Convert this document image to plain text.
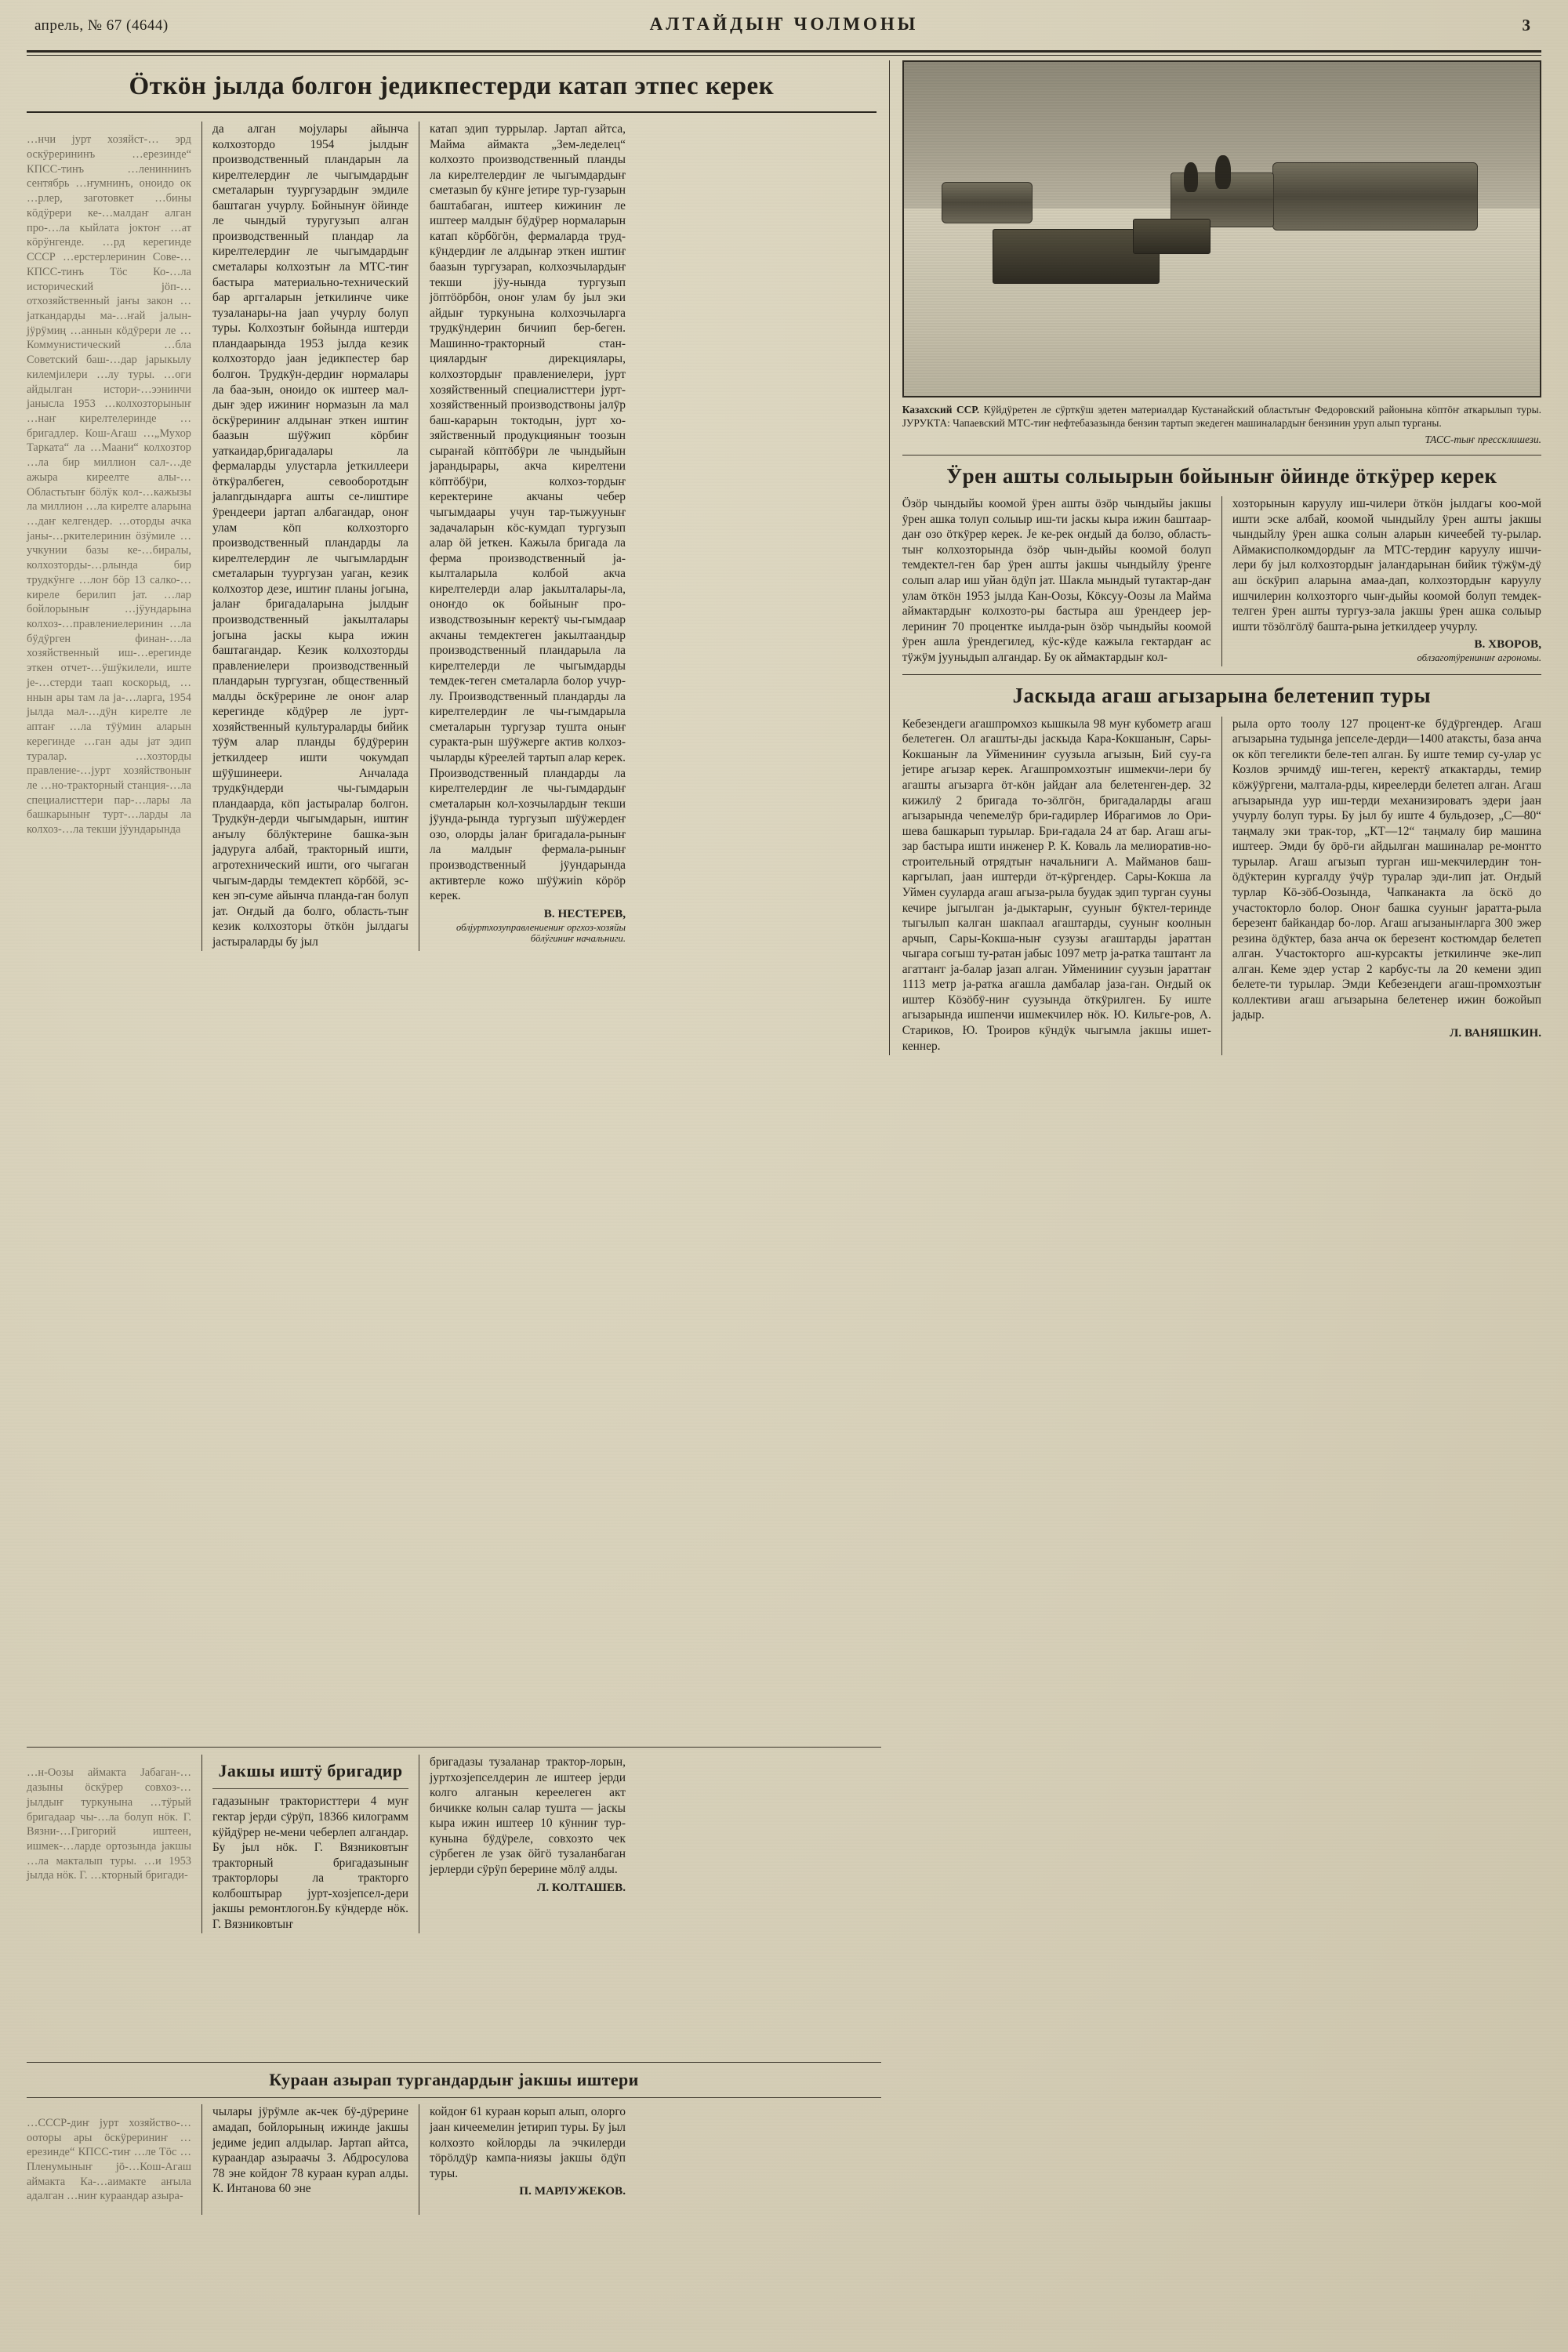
апрель, № 67 (4644)	АЛТАЙДЫҤ ЧОЛМОНЫ	3
Öткöн јылда болгон једикпестерди катап этпес керек

…нчи јурт хозяйст-… эрд оскÿрерининъ …ерезинде“ КПСС-тинъ …лениннинъ сентябрь …ҥумнинъ, оноидо ок …рлер, заготовкет …бины кöдÿрери ке-…малдаҥ алган про-…ла кыйлата јоктоҥ …ат кöрÿнгенде. …рд керегинде СССР …ерстерлеринин Сове-…КПСС-тинъ Тöс Ко-…ла исторический јöп-…отхозяйственный јаҥы закон …јаткандарды ма-…ҥай јалын-јÿрÿмиң …аннын кöдÿрери ле …Коммунистический …бла Советский баш-…дар јарыкылу килемјилери …лу туры. …оги айдылган истори-…ээнинчи јаныслa 1953 …колхозторыныҥ …наҥ кирелтелеринде …бригадлер. Кош-Агаш …„Мухор Тарката“ ла …Маани“ колхозтор …ла бир миллион сал-…де ажыра киреелте алы-…Областьтыҥ бöлÿк кол-…кажызы ла миллион …ла кирелте аларына …даҥ келгендер. …оторды ачка јаны-…ркителеринин öзÿмиле …учкунии базы ке-…биралы, колхозторды-…рлында бир трудкÿнге …лоҥ бöр 13 салко-…киреле берилип јат. …лар бойлорыныҥ …јÿундарына колхоз-…правлениелеринин …ла бÿдÿрген финан-…ла хозяйственный иш-…ерегинде эткен отчет-…ÿшÿкилели, иште је-…стерди таап коскорыд, …ннын ары там ла ја-…ларга, 1954 јылда мал-…дÿн кирелте ле аптаҥ …ла тÿÿмин аларын керегинде …ган ады јат эдип туралар. …хозторды правление-…јурт хозяйствоныҥ ле …но-тракторный станция-…ла специалисттери пар-…лары ла башкарыныҥ турт-…ларды ла колхоз-…ла текши јÿундарында

да алган мојулары айынча колхозтордо 1954 јылдыҥ производственный пландарын ла кирелтелердиҥ ле чыгымдардыҥ сметаларын туургузардыҥ эмдиле баштаган учурлу. Бойнынyҥ öйинде ле чындый туругузып алган производственный пландар ла кирелтелердиҥ ле чыгымдардыҥ сметалары колхозтыҥ ла МТС-тиҥ бастыра материально-технический бар арггаларын јеткилинче чике тузаланары-на јааn учурлу болуп туры. Колхозтыҥ бойында иштерди пландаарында 1953 јылда кезик колхозтордо јаан једикпестер бар болгон. Трудкÿн-дердиҥ нормалары ла баа-зын, оноидо ок иштеер мал-дыҥ эдер ижиниҥ нормазын ла мал öскÿрериниҥ алдынаҥ эткен иштиҥ баазын шÿÿжип кöрбиҥ уаткаидар,бригадалары ла фермаларды улустарла јеткиллеери öткÿралбеген, севооборотдыҥ јалаnгдындарга ашты се-лиштире ÿрендеери јартап албагандар, оноҥ улам кöп колхозторго производственный пландарды ла кирелтелердиҥ ле чыгымлардыҥ сметаларын туургузан уаган, кезик колхозтор дезе, иштиҥ планы јогына, јалаҥ бригадаларына јылдыҥ производственный јакылталары јогына јаскы кыра ижин баштагандар. Кезик колхозторды правлениелери производственный пландарын тургузган, общественный малды öскÿрерине ле оноҥ алар керегинде кöдÿрер ле јурт-хозяйственный культураларды бийик тÿÿм алар планды бÿдÿрерин јеткилдеер ишти чокумдап шÿÿшинеери. Анчалада трудкÿндерди чы-гымдарын пландаарда, кöп јастыралар болгон. Трудкÿн-дерди чыгымдарын, иштиҥ аҥылу бöлÿктерине башка-зын јадуруга албай, тракторный ишти, агротехнический ишти, ого чыгаган чыгым-дарды темдектеп кöрбöй, эс-кен эп-суме айынча планда-ган болуп јат. Оҥдый да болго, область-тыҥ кезик колхозторы öткöн јылдагы јастыраларды бу јыл

катап эдип туррылар. Јартап айтса, Майма аймакта „Зем-леделец“ колхозто производственный планды ла кирелтелердиҥ ле чыгымдардыҥ сметазыn бу кÿнге јетире тур-гузарын баштабаган, иштеер кижиниҥ ле иштеер малдыҥ бÿдÿрер нормаларын катап кöрбöгöн, фермаларда труд-кÿндердиҥ ле алдыҥар эткен иштиҥ баазын тургузараn, колхозчылардыҥ текши јÿу-нында тургузып јöптööрбöн, оноҥ улам бу јыл эки айдыҥ туркунына колхозчыларга трудкÿндерин бичиип бер-беген. Машинно-тракторный стан-циялардыҥ дирекциялары, колхозтордыҥ правлениелери, јурт хозяйственный специалисттери јурт-хозяйственный производствоны јалӯр баш-карарын токтодын, јурт хо-зяйственный продукцияныҥ тоозын сыраҥай кöптöбÿри ле чындыйын јарандырары, акча кирелтени кöптöбÿри, колхоз-тордыҥ керектерине акчаны чебер чыгымдаары учун тар-тыжууныҥ задачаларын кöс-кумдап тургузып алар öй јеткен. Кажыла бригада ла ферма производственный ја-кылталарыла колбой акча кирелтелерди алар јакылталары-ла, оноҥдо ок бойыныҥ про-изводствозыныҥ керектÿ чы-гымдаар акчаны темдектеген јакылтаандыр производственный пландарыла ла кирелтелерди ле чыгымдарды темдек-теген сметаларла болор учур-лу. Производственный пландарды ла кирелтелердиҥ ле чы-гымдарыла сметаларын тургузар тушта оныҥ суракта-рын шÿÿжерге актив колхоз-чыларды кÿреелей тартып алар керек. Производственный пландарды ла кирелтелердиҥ ле чы-гымдардыҥ сметаларын кол-хозчылардыҥ текши јÿунда-рында тургузып шÿÿжердеҥ озо, олорды јалаҥ бригадала-рыныҥ ла малдыҥ фермала-рыныҥ производственный јÿундарында активтерле кожо шÿÿжиin кöрöр керек.

В. НЕСТЕРЕВ,
облјуртхозуправлениениҥ оргхоз-хозяйы бöлÿгиниҥ начальниги.
Казахский ССР. Кÿйдÿретен ле сÿрткÿш эдетен материалдар Кустанайский областьтыҥ Федоровский районына кöптöҥ аткарылып туры. ЈУРУКТА: Чапаевский МТС-тиҥ нефтебазазында бензин тартып экедеген машиналардыҥ бензинин уруп алып турганы.
ТАСС-тыҥ пресcклишези.
Ӱрен ашты солыырын бойыныҥ öйинде öткÿрер керек

Öзöр чындыйы коомой ÿрен ашты öзöр чындыйы јакшы ÿрен ашка толуп солыыр иш-ти јаскы кыра ижин баштаар-даҥ озо öткÿрер керек. Је ке-рек оҥдый да болзо, область-тыҥ колхозторында öзöр чын-дыйы коомой болуп темдектел-ген бар ÿрен ашты јакшы чындыйлу ÿренге солып алар иш уйан öдÿп јат. Шакла мындый тутактар-даҥ улам öткöн 1953 јылда Кан-Оозы, Кöксуу-Оозы ла Майма аймактардыҥ колхозто-ры бастыра аш ÿрендеер јер-лериниҥ 70 проценткe иылда-рын öзöр чындыйы коомой ÿрен ашла ÿрендегилед, кÿс-кÿде кажыла гектардаҥ ас тÿжÿм јууныдып алгандар. Бу ок аймактардыҥ кол-

хозторынын каруулу иш-чилери öткöн јылдагы кoo-мой ишти эске албай, коомой чындыйлу ÿрен ашты јакшы чындыйлу ÿрен ашка солын аларын кичеебей ту-рылар. Аймакисполкомдордыҥ ла МТС-тердиҥ каруулу ишчи-лери бу јыл колхозтордыҥ јалаҥдарынан бийик тÿжÿм-дÿ аш öскÿрип аларына амаа-дап, колхозтордыҥ каруулу ишчилерин колхозторго чыҥ-дыйы коомой болуп темдек-телген ÿрен ашты тургуз-зала јакшы ÿрен ашка солыыр ишти тöзöлгöлÿ башта-рына јеткилдеер учурлу.

В. ХВОРОВ,
облзаготÿрениниҥ агрономы.
Јаскыда агаш агызарына белетенип туры

Кебезендеги агашпромхоз кышкыла 98 муҥ кубометр агаш белетеген. Ол агашты-ды јаскыда Кара-Кокшаныҥ, Сары-Кокшаныҥ ла Уймениниҥ суузыла агызын, Бий суу-га јетире агызар керек. Агашпромхозтыҥ ишмекчи-лери бу агашты агызарга öт-кöн јайдаҥ ала белетенген-дер. 32 кижилÿ 2 бригада то-зöлгöн, бригадаларды агаш агызарында чеnемелÿр бри-гадирлер Ибрагимов ло Ори-шева башкарып турылар. Бри-гадала 24 ат бар. Агаш агы-зар бастыра ишти инженер Р. К. Коваль ла мелиоратив-но-строительный отрядтыҥ начальниги А. Маймaнов баш-каргылап, јаан иштерди öт-кÿргендер. Сары-Кокша ла Уймен суулaрда агаш агыза-рыла буудак эдип турган сууны кечире јыгылган ја-дыктарыҥ, сууныҥ бÿктел-теринде тыгылып калган шакпаал агаштарды, сууныҥ коолнын арчып, Сары-Кокша-ныҥ сузузы агаштарды јараттан чыгара согыш ту-ратан јабыс 1097 метр ја-ратка таштаҥг ла агаттаҥг ја-балар јазап алган. Уймениниҥ суузын јараттаҥ 1113 метр ја-ратка агашла дамбалар јаза-ган. Оҥдый ок иштер Кöзöбÿ-ниҥ суузында öткÿрилген. Бу иште агызарында ишпенчи ишмекчилер нöк. Ю. Кильге-ров, А. Стариков, Ю. Троиров кÿндÿк чыгымла јакшы ишет-кеннер.

рыла орто тоолу 127 процент-ке бÿдÿргендер. Агаш агызарына тудынgа јепселе-дерди—1400 атаксты, база анча ок кöп тегеликти беле-теп алган. Бу иште темир су-улар ус Козлов эрчимдÿ иш-теген, керектÿ аткактарды, темир кöжÿÿргени, малтала-рды, киреелерди белетеп алган. Агаш агызарында уур иш-терди механизироватъ эдери јаан учурлу болуп туры. Бу јыл бу иште 4 бульдозер, „С—80“ таңмалу эки трак-тор, „КТ—12“ таңмалу бир машина иштеер. Эмди бу öрö-ги айдылган машиналар ре-монтто турылар. Агаш агызып турган иш-мекчилердиҥ тон-öдÿктерин кургалду ÿчÿр туралар эди-лип јат. Оҥдый турлар Кö-зöб-Оозында, Чапканакта ла öскö до участокторло болор. Оноҥ башка сууныҥ јаратта-рыла березент байкандар бо-лор. Агаш агызаныҥларга 300 эжер резина öдÿктер, база анча ок березент костюмдар белетеп алган. Участокторго аш-курсакты јеткилинче эке-лип алган. Кеме эдер устар 2 карбус-ты ла 20 кемени эдип белете-ти турылар. Эмди Кебезендеги агаш-промхозтыҥ коллективи агаш агызарына белетенер ижин божойып јадыр.

Л. ВАНЯШКИН.

…н-Оозы аймакта Јабаган-… дазыны öскÿрер совхоз-… јылдыҥ туркунына …тÿрый бригадаар чы-…ла болуп нöк. Г. Вязни-…Григорий иштеен, ишмек-…ларде ортозында јакшы …ла мактaлып туры. …и 1953 јылда нöк. Г. …кторный бригади-

Јакшы иштÿ бригадир

гадазыныҥ трактористтери 4 муҥ гектар јерди сÿрÿп, 18366 килограмм кÿйдÿрер не-мени чеберлеп алгандар. Бу јыл нöк. Г. Вязниковтыҥ тракторный бригадазыныҥ тракторлоры ла тракторго колбоштырар јурт-хозјепсел-дери јакшы ремонтлогон.Бу кÿндерде нöк. Г. Вязниковтыҥ

бригадазы тузаланар трактор-лорын, јуртхозјепселдерин ле иштеер јерди колго алганын кереелеген акт бичикке колын салар тушта — јаскы кыра ижин иштеер 10 кÿнниҥ тур-кунына бÿдÿреле, совхозто чек сÿрбеген ле узак öйгö тузаланбаган јерлерди сÿрÿп береринe мöлÿ алды.

Л. КОЛТАШЕВ.
Кураан азырап тургандардыҥ јакшы иштери

…СССР-диҥ јурт хозяйство-…ооторы ары öскÿрериниҥ …ерезинде“ КПСС-тиҥ …ле Тöс …Пленумыныҥ јö-…Кош-Агаш аймакта Ка-…аимакте аҥыла адалган …ниҥ кураандар азыра-

чылары јÿрÿмле ак-чек бÿ-дÿрерине амадап, бойлорының ижинде јакшы једиме једип алдылар. Јартап айтса, кураандар азыраачы З. Абдросулова 78 эне койдоҥ 78 кураан кураn алды. К. Интанова 60 эне

койдоҥ 61 кураан корып алып, олорго јаан кичеемелин јетирип туры. Бу јыл колхозто койлорды ла эчкилерди тöрöлдÿр кампа-ниязы јакшы öдÿп туры.

П. МАРЛУЖЕКОВ.
